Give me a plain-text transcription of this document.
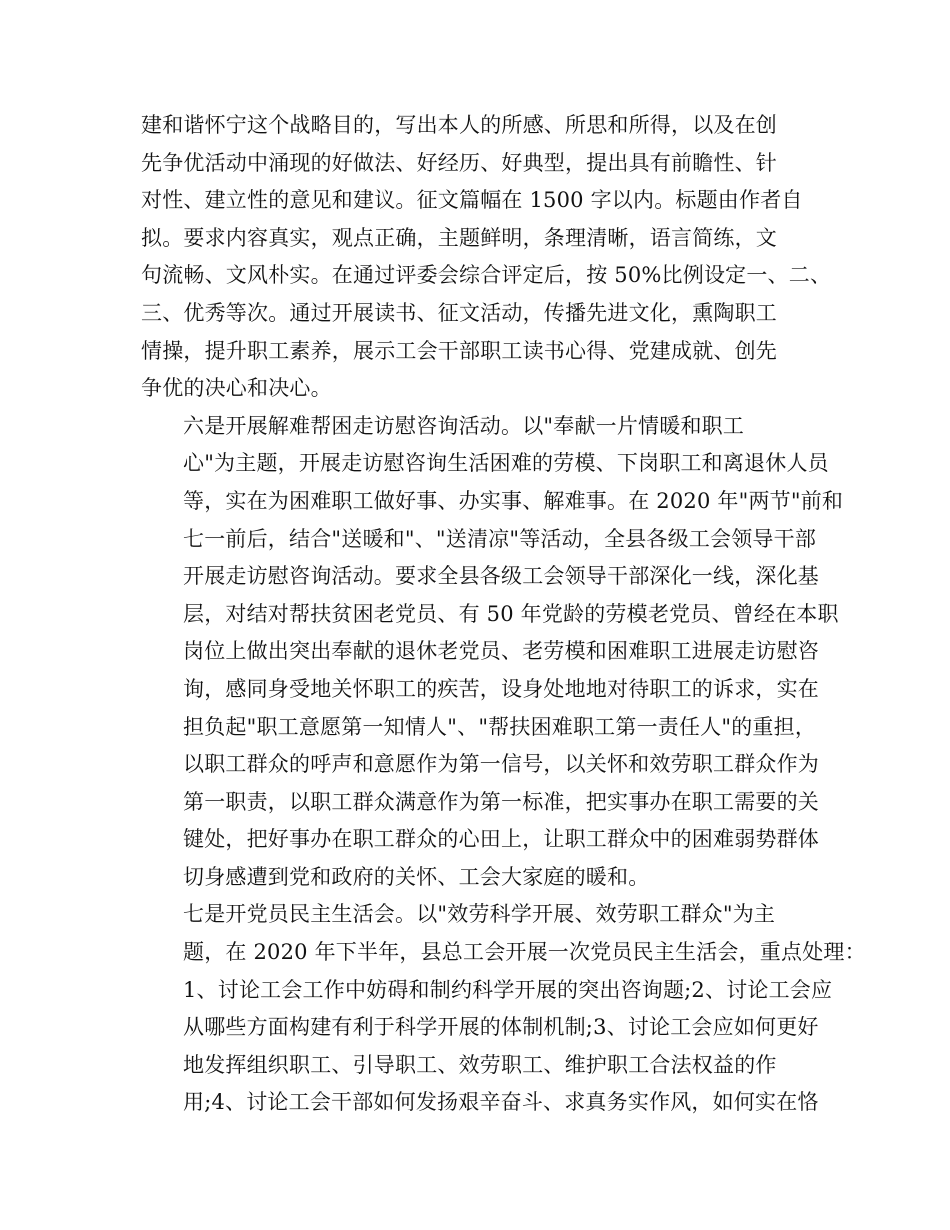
建和谐怀宁这个战略目的，写出本人的所感、所思和所得，以及在创
先争优活动中涌现的好做法、好经历、好典型，提出具有前瞻性、针
对性、建立性的意见和建议。征文篇幅在 1500 字以内。标题由作者自
拟。要求内容真实，观点正确，主题鲜明，条理清晰，语言简练，文
句流畅、文风朴实。在通过评委会综合评定后，按 50%比例设定一、二、
三、优秀等次。通过开展读书、征文活动，传播先进文化，熏陶职工
情操，提升职工素养，展示工会干部职工读书心得、党建成就、创先
争优的决心和决心。

六是开展解难帮困走访慰咨询活动。以"奉献一片情暖和职工
心"为主题，开展走访慰咨询生活困难的劳模、下岗职工和离退休人员
等，实在为困难职工做好事、办实事、解难事。在 2020 年"两节"前和
七一前后，结合"送暖和"、"送清凉"等活动，全县各级工会领导干部
开展走访慰咨询活动。要求全县各级工会领导干部深化一线，深化基
层，对结对帮扶贫困老党员、有 50 年党龄的劳模老党员、曾经在本职
岗位上做出突出奉献的退休老党员、老劳模和困难职工进展走访慰咨
询，感同身受地关怀职工的疾苦，设身处地地对待职工的诉求，实在
担负起"职工意愿第一知情人"、"帮扶困难职工第一责任人"的重担，
以职工群众的呼声和意愿作为第一信号，以关怀和效劳职工群众作为
第一职责，以职工群众满意作为第一标准，把实事办在职工需要的关
键处，把好事办在职工群众的心田上，让职工群众中的困难弱势群体
切身感遭到党和政府的关怀、工会大家庭的暖和。

七是开党员民主生活会。以"效劳科学开展、效劳职工群众"为主
题，在 2020 年下半年，县总工会开展一次党员民主生活会，重点处理：
1、讨论工会工作中妨碍和制约科学开展的突出咨询题;2、讨论工会应
从哪些方面构建有利于科学开展的体制机制;3、讨论工会应如何更好
地发挥组织职工、引导职工、效劳职工、维护职工合法权益的作
用;4、讨论工会干部如何发扬艰辛奋斗、求真务实作风，如何实在恪
